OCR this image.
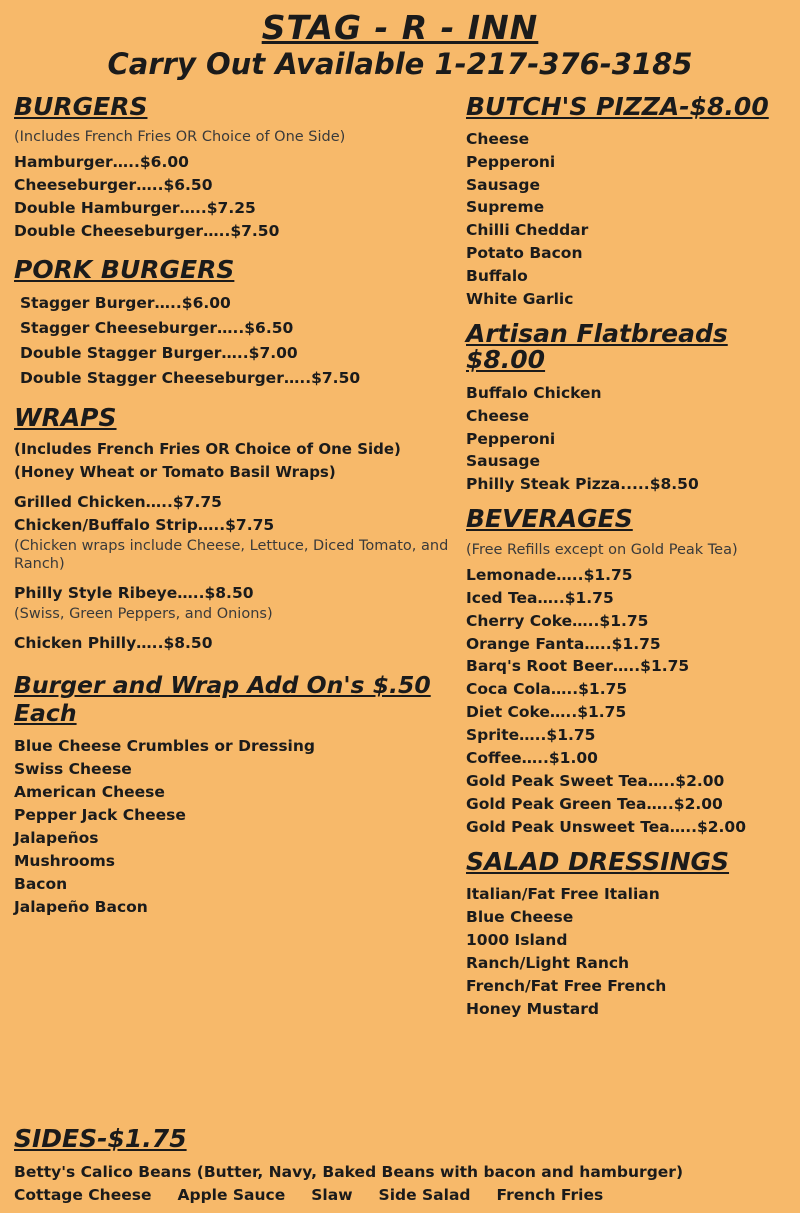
STAG - R - INN
Carry Out Available 1-217-376-3185
BURGERS
(Includes French Fries OR Choice of One Side)
Hamburger…..$6.00
Cheeseburger…..$6.50
Double Hamburger…..$7.25
Double Cheeseburger…..$7.50
PORK BURGERS
Stagger Burger…..$6.00
Stagger Cheeseburger…..$6.50
Double Stagger Burger…..$7.00
Double Stagger Cheeseburger…..$7.50
WRAPS
(Includes French Fries OR Choice of One Side)
(Honey Wheat or Tomato Basil Wraps)
Grilled Chicken…..$7.75
Chicken/Buffalo Strip…..$7.75
(Chicken wraps include Cheese, Lettuce, Diced Tomato, and Ranch)
Philly Style Ribeye…..$8.50
(Swiss, Green Peppers, and Onions)
Chicken Philly…..$8.50
Burger and Wrap Add On's $.50 Each
Blue Cheese Crumbles or Dressing
Swiss Cheese
American Cheese
Pepper Jack Cheese
Jalapeños
Mushrooms
Bacon
Jalapeño Bacon
BUTCH'S PIZZA-$8.00
Cheese
Pepperoni
Sausage
Supreme
Chilli Cheddar
Potato Bacon
Buffalo
White Garlic
Artisan Flatbreads $8.00
Buffalo Chicken
Cheese
Pepperoni
Sausage
Philly Steak Pizza.....$8.50
BEVERAGES
(Free Refills except on Gold Peak Tea)
Lemonade…..$1.75
Iced Tea…..$1.75
Cherry Coke…..$1.75
Orange Fanta…..$1.75
Barq's Root Beer…..$1.75
Coca Cola…..$1.75
Diet Coke…..$1.75
Sprite…..$1.75
Coffee…..$1.00
Gold Peak Sweet Tea…..$2.00
Gold Peak Green Tea…..$2.00
Gold Peak Unsweet Tea…..$2.00
SALAD DRESSINGS
Italian/Fat Free Italian
Blue Cheese
1000 Island
Ranch/Light Ranch
French/Fat Free French
Honey Mustard
SIDES-$1.75
Betty's Calico Beans (Butter, Navy, Baked Beans with bacon and hamburger)
Cottage Cheese Apple Sauce Slaw Side Salad French Fries
